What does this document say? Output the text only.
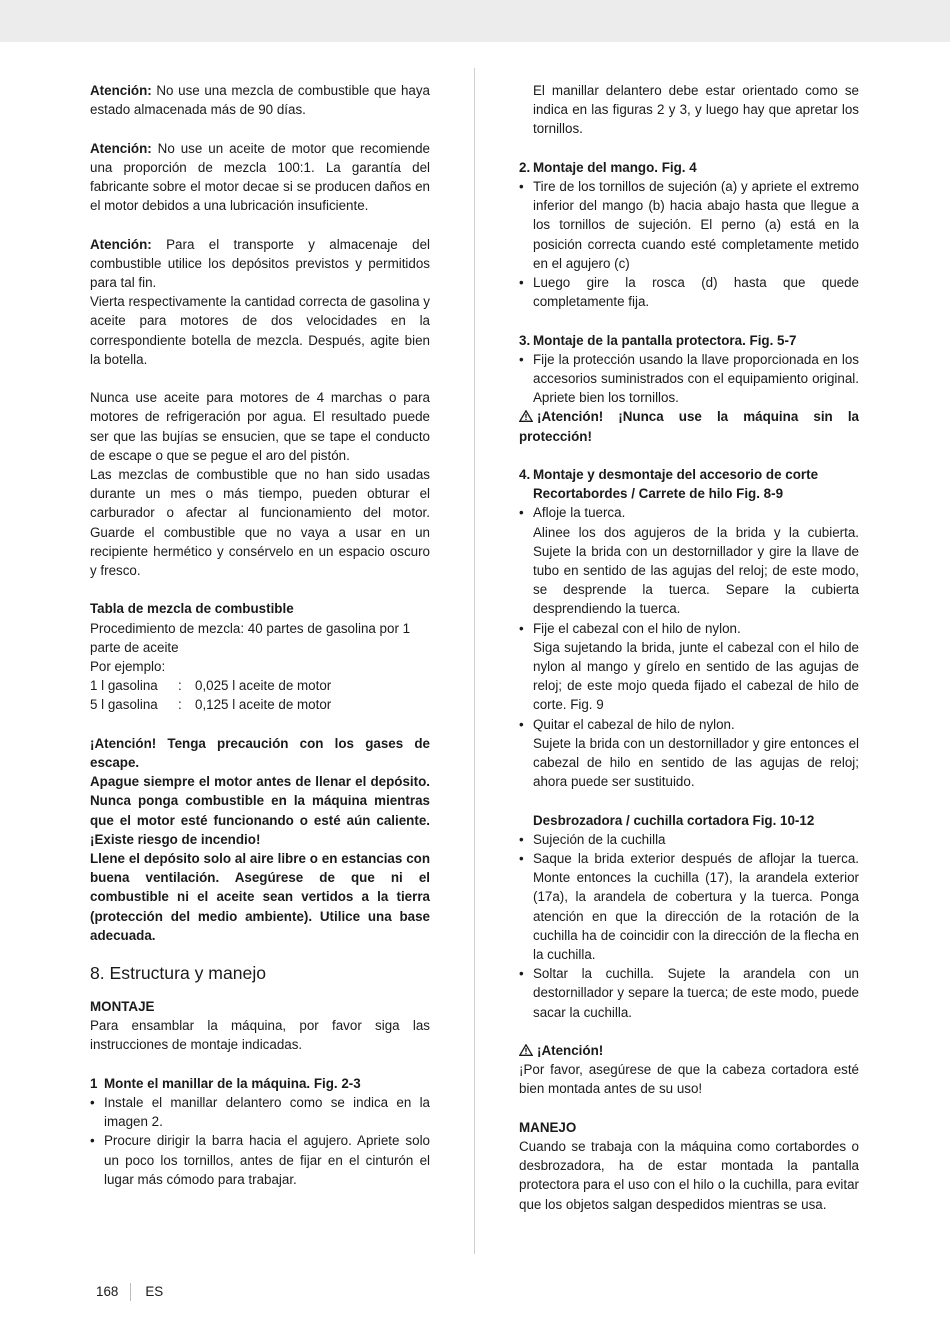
Atención: No use una mezcla de combustible que haya estado almacenada más de 90 días.

Atención: No use un aceite de motor que recomiende una proporción de mezcla 100:1. La garantía del fabricante sobre el motor decae si se producen daños en el motor debidos a una lubricación insuficiente.

Atención: Para el transporte y almacenaje del combustible utilice los depósitos previstos y permitidos para tal fin.

Vierta respectivamente la cantidad correcta de gasolina y aceite para motores de dos velocidades en la correspondiente botella de mezcla. Después, agite bien la botella.

Nunca use aceite para motores de 4 marchas o para motores de refrigeración por agua. El resultado puede ser que las bujías se ensucien, que se tape el conducto de escape o que se pegue el aro del pistón.

Las mezclas de combustible que no han sido usadas durante un mes o más tiempo, pueden obturar el carburador o afectar al funcionamiento del motor. Guarde el combustible que no vaya a usar en un recipiente hermético y consérvelo en un espacio oscuro y fresco.

Tabla de mezcla de combustible

Procedimiento de mezcla: 40 partes de gasolina por 1 parte de aceite

Por ejemplo:

1 l gasolina	: 0,025 l aceite de motor
5 l gasolina	: 0,125 l aceite de motor

¡Atención! Tenga precaución con los gases de escape.

Apague siempre el motor antes de llenar el depósito. Nunca ponga combustible en la máquina mientras que el motor esté funcionando o esté aún caliente. ¡Existe riesgo de incendio!

Llene el depósito solo al aire libre o en estancias con buena ventilación. Asegúrese de que ni el combustible ni el aceite sean vertidos a la tierra (protección del medio ambiente). Utilice una base adecuada.

8. Estructura y manejo

MONTAJE

Para ensamblar la máquina, por favor siga las instrucciones de montaje indicadas.

1 Monte el manillar de la máquina. Fig. 2-3

• Instale el manillar delantero como se indica en la imagen 2.

• Procure dirigir la barra hacia el agujero. Apriete solo un poco los tornillos, antes de fijar en el cinturón el lugar más cómodo para trabajar.

El manillar delantero debe estar orientado como se indica en las figuras 2 y 3, y luego hay que apretar los tornillos.

2. Montaje del mango. Fig. 4

• Tire de los tornillos de sujeción (a) y apriete el extremo inferior del mango (b) hacia abajo hasta que llegue a los tornillos de sujeción. El perno (a) está en la posición correcta cuando esté completamente metido en el agujero (c)

• Luego gire la rosca (d) hasta que quede completamente fija.

3. Montaje de la pantalla protectora. Fig. 5-7

• Fije la protección usando la llave proporcionada en los accesorios suministrados con el equipamiento original. Apriete bien los tornillos.

¡Atención! ¡Nunca use la máquina sin la protección!

4. Montaje y desmontaje del accesorio de corte Recortabordes / Carrete de hilo Fig. 8-9

• Afloje la tuerca.

Alinee los dos agujeros de la brida y la cubierta. Sujete la brida con un destornillador y gire la llave de tubo en sentido de las agujas del reloj; de este modo, se desprende la tuerca. Separe la cubierta desprendiendo la tuerca.

• Fije el cabezal con el hilo de nylon.

Siga sujetando la brida, junte el cabezal con el hilo de nylon al mango y gírelo en sentido de las agujas de reloj; de este mojo queda fijado el cabezal de hilo de corte. Fig. 9

• Quitar el cabezal de hilo de nylon.

Sujete la brida con un destornillador y gire entonces el cabezal de hilo en sentido de las agujas de reloj; ahora puede ser sustituido.

Desbrozadora / cuchilla cortadora Fig. 10-12

• Sujeción de la cuchilla

• Saque la brida exterior después de aflojar la tuerca. Monte entonces la cuchilla (17), la arandela exterior (17a), la arandela de cobertura y la tuerca. Ponga atención en que la dirección de la rotación de la cuchilla ha de coincidir con la dirección de la flecha en la cuchilla.

• Soltar la cuchilla. Sujete la arandela con un destornillador y separe la tuerca; de este modo, puede sacar la cuchilla.

¡Atención!

¡Por favor, asegúrese de que la cabeza cortadora esté bien montada antes de su uso!

MANEJO

Cuando se trabaja con la máquina como cortabordes o desbrozadora, ha de estar montada la pantalla protectora para el uso con el hilo o la cuchilla, para evitar que los objetos salgan despedidos mientras se usa.

168 ES
